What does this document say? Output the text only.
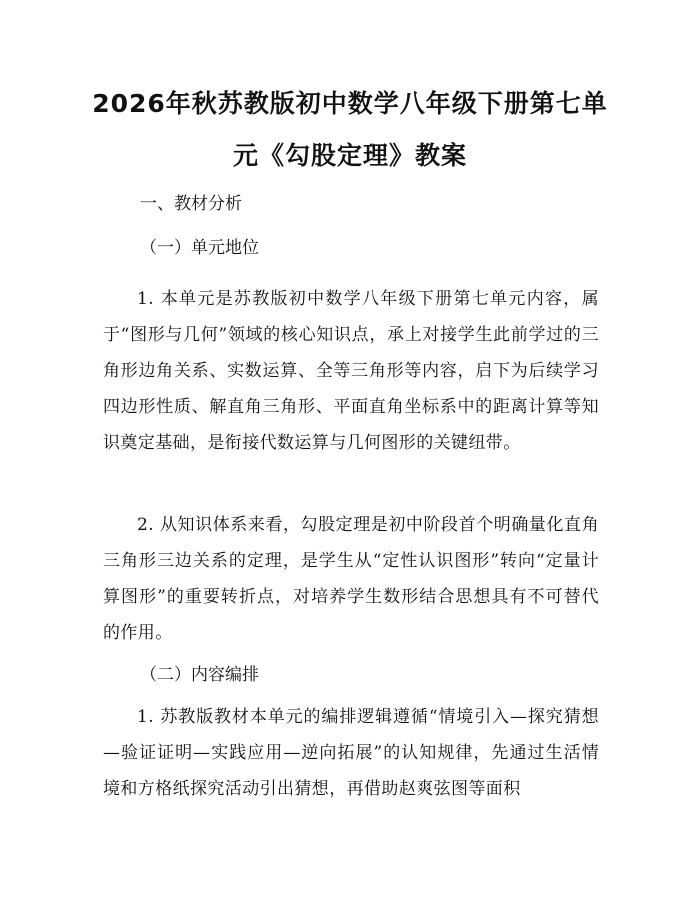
2026年秋苏教版初中数学八年级下册第七单
元《勾股定理》教案
一、教材分析
（一）单元地位
1. 本单元是苏教版初中数学八年级下册第七单元内容，属于“图形与几何”领域的核心知识点，承上对接学生此前学过的三角形边角关系、实数运算、全等三角形等内容，启下为后续学习四边形性质、解直角三角形、平面直角坐标系中的距离计算等知识奠定基础，是衔接代数运算与几何图形的关键纽带。
2. 从知识体系来看，勾股定理是初中阶段首个明确量化直角三角形三边关系的定理，是学生从“定性认识图形”转向“定量计算图形”的重要转折点，对培养学生数形结合思想具有不可替代的作用。
（二）内容编排
1. 苏教版教材本单元的编排逻辑遵循“情境引入—探究猜想—验证证明—实践应用—逆向拓展”的认知规律，先通过生活情境和方格纸探究活动引出猜想，再借助赵爽弦图等面积
